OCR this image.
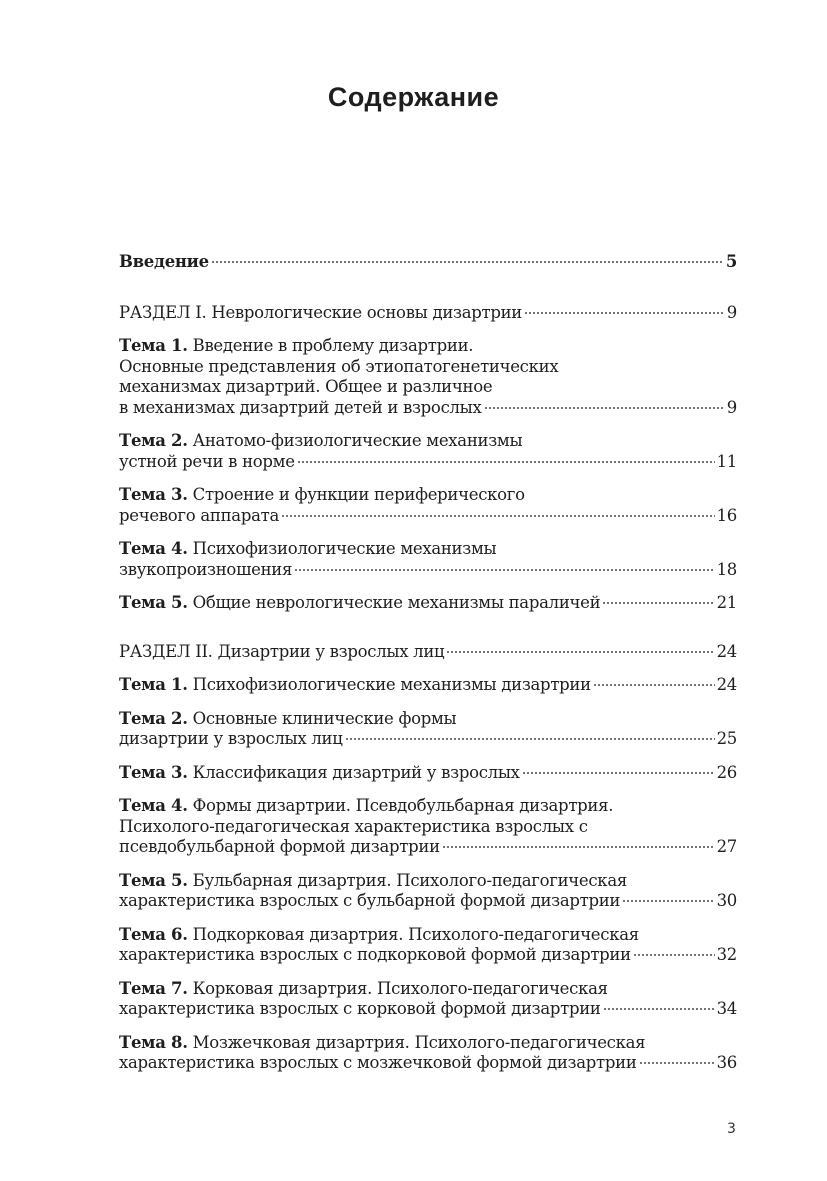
Содержание
Введение	5
РАЗДЕЛ I. Неврологические основы дизартрии	9
Тема 1. Введение в проблему дизартрии.
Основные представления об этиопатогенетических
механизмах дизартрий. Общее и различное
в механизмах дизартрий детей и взрослых	9
Тема 2. Анатомо-физиологические механизмы
устной речи в норме	11
Тема 3. Строение и функции периферического
речевого аппарата	16
Тема 4. Психофизиологические механизмы
звукопроизношения	18
Тема 5. Общие неврологические механизмы параличей	21
РАЗДЕЛ II. Дизартрии у взрослых лиц	24
Тема 1. Психофизиологические механизмы дизартрии	24
Тема 2. Основные клинические формы
дизартрии у взрослых лиц	25
Тема 3. Классификация дизартрий у взрослых	26
Тема 4. Формы дизартрии. Псевдобульбарная дизартрия.
Психолого-педагогическая характеристика взрослых с
псевдобульбарной формой дизартрии	27
Тема 5. Бульбарная дизартрия. Психолого-педагогическая
характеристика взрослых с бульбарной формой дизартрии	30
Тема 6. Подкорковая дизартрия. Психолого-педагогическая
характеристика взрослых с подкорковой формой дизартрии	32
Тема 7. Корковая дизартрия. Психолого-педагогическая
характеристика взрослых с корковой формой дизартрии	34
Тема 8. Мозжечковая дизартрия. Психолого-педагогическая
характеристика взрослых с мозжечковой формой дизартрии	36
3
